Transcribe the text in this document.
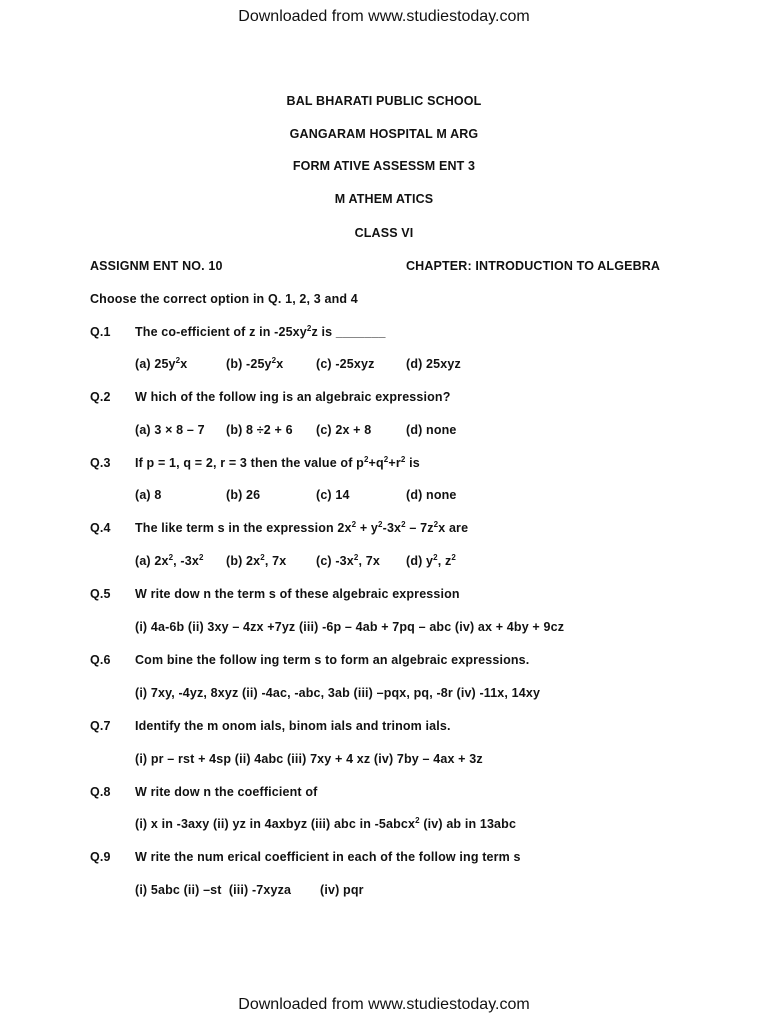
Downloaded from www.studiestoday.com
BAL BHARATI PUBLIC SCHOOL
GANGARAM HOSPITAL M ARG
FORM ATIVE ASSESSM ENT 3
M ATHEM ATICS
CLASS VI
ASSIGNM ENT NO. 10	CHAPTER: INTRODUCTION TO ALGEBRA
Choose the correct option in Q. 1, 2, 3 and 4
Q.1 The co-efficient of z in $-25xy^2z$ is _______
(a) $25y^2x$	(b) $-25y^2x$	(c) -25xyz	(d) 25xyz
Q.2 W hich of the follow ing is an algebraic expression?
(a) 3 × 8 – 7 (b) 8 ÷2 + 6 (c) 2x + 8	(d) none
Q.3 If p = 1, q = 2, r = 3 then the value of $p^2+q^2+r^2$ is
(a) 8	(b) 26	(c) 14	(d) none
Q.4 The like term s in the expression $2x^2 + y^2-3x^2 - 7z^2x$ are
(a) $2x^2$, $-3x^2$ (b) $2x^2$, 7x (c) $-3x^2$, 7x (d) $y^2$, $z^2$
Q.5 W rite dow n the term s of these algebraic expression
(i) 4a-6b (ii) 3xy – 4zx +7yz (iii) -6p – 4ab + 7pq – abc (iv) ax + 4by + 9cz
Q.6 Com bine the follow ing term s to form an algebraic expressions.
(i) 7xy, -4yz, 8xyz (ii) -4ac, -abc, 3ab (iii) –pqx, pq, -8r (iv) -11x, 14xy
Q.7 Identify the m onom ials, binom ials and trinom ials.
(i) pr – rst + 4sp (ii) 4abc (iii) 7xy + 4 xz (iv) 7by – 4ax + 3z
Q.8 W rite dow n the coefficient of
(i) x in -3axy (ii) yz in 4axbyz (iii) abc in -5abcx$^2$ (iv) ab in 13abc
Q.9 W rite the num erical coefficient in each of the follow ing term s
(i) 5abc (ii) –st  (iii) -7xyza        (iv) pqr
Downloaded from www.studiestoday.com
